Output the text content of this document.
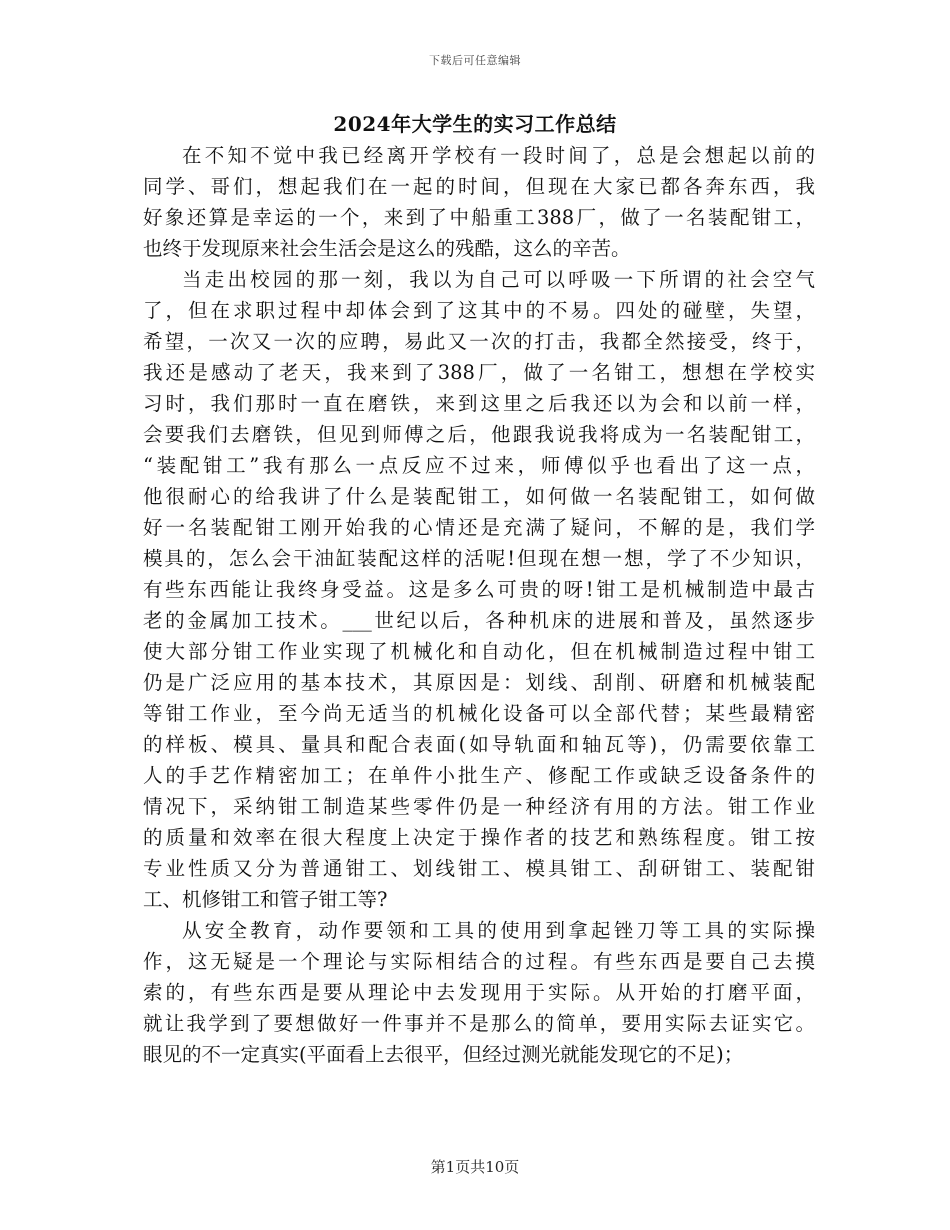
下载后可任意编辑
2024年大学生的实习工作总结
在不知不觉中我已经离开学校有一段时间了，总是会想起以前的
同学、哥们，想起我们在一起的时间，但现在大家已都各奔东西，我
好象还算是幸运的一个，来到了中船重工388厂，做了一名装配钳工，
也终于发现原来社会生活会是这么的残酷，这么的辛苦。
当走出校园的那一刻，我以为自己可以呼吸一下所谓的社会空气
了，但在求职过程中却体会到了这其中的不易。四处的碰壁，失望，
希望，一次又一次的应聘，易此又一次的打击，我都全然接受，终于，
我还是感动了老天，我来到了388厂，做了一名钳工，想想在学校实
习时，我们那时一直在磨铁，来到这里之后我还以为会和以前一样，
会要我们去磨铁，但见到师傅之后，他跟我说我将成为一名装配钳工，
“装配钳工”我有那么一点反应不过来，师傅似乎也看出了这一点，
他很耐心的给我讲了什么是装配钳工，如何做一名装配钳工，如何做
好一名装配钳工刚开始我的心情还是充满了疑问，不解的是，我们学
模具的，怎么会干油缸装配这样的活呢!但现在想一想，学了不少知识，
有些东西能让我终身受益。这是多么可贵的呀!钳工是机械制造中最古
老的金属加工技术。___世纪以后，各种机床的进展和普及，虽然逐步
使大部分钳工作业实现了机械化和自动化，但在机械制造过程中钳工
仍是广泛应用的基本技术，其原因是：划线、刮削、研磨和机械装配
等钳工作业，至今尚无适当的机械化设备可以全部代替；某些最精密
的样板、模具、量具和配合表面(如导轨面和轴瓦等)，仍需要依靠工
人的手艺作精密加工；在单件小批生产、修配工作或缺乏设备条件的
情况下，采纳钳工制造某些零件仍是一种经济有用的方法。钳工作业
的质量和效率在很大程度上决定于操作者的技艺和熟练程度。钳工按
专业性质又分为普通钳工、划线钳工、模具钳工、刮研钳工、装配钳
工、机修钳工和管子钳工等?
从安全教育，动作要领和工具的使用到拿起锉刀等工具的实际操
作，这无疑是一个理论与实际相结合的过程。有些东西是要自己去摸
索的，有些东西是要从理论中去发现用于实际。从开始的打磨平面，
就让我学到了要想做好一件事并不是那么的简单，要用实际去证实它。
眼见的不一定真实(平面看上去很平，但经过测光就能发现它的不足)；
第1页共10页
